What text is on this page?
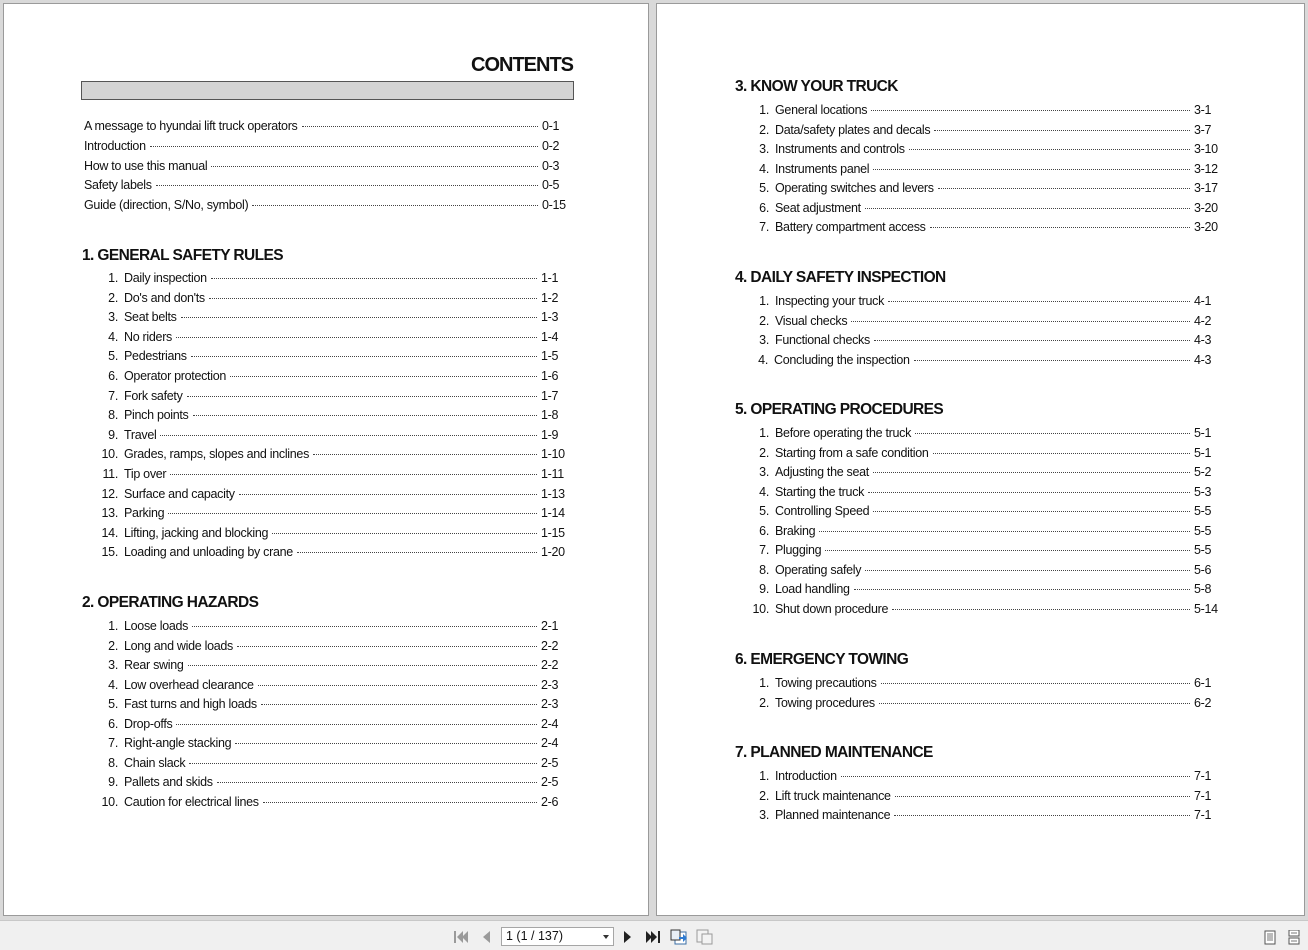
CONTENTS
A message to hyundai lift truck operators	0-1
Introduction	0-2
How to use this manual	0-3
Safety labels	0-5
Guide (direction, S/No, symbol)	0-15
1. GENERAL SAFETY RULES
1. Daily inspection	1-1
2. Do's and don'ts	1-2
3. Seat belts	1-3
4. No riders	1-4
5. Pedestrians	1-5
6. Operator protection	1-6
7. Fork safety	1-7
8. Pinch points	1-8
9. Travel	1-9
10. Grades, ramps, slopes and inclines	1-10
11. Tip over	1-11
12. Surface and capacity	1-13
13. Parking	1-14
14. Lifting, jacking and blocking	1-15
15. Loading and unloading by crane	1-20
2. OPERATING HAZARDS
1. Loose loads	2-1
2. Long and wide loads	2-2
3. Rear swing	2-2
4. Low overhead clearance	2-3
5. Fast turns and high loads	2-3
6. Drop-offs	2-4
7. Right-angle stacking	2-4
8. Chain slack	2-5
9. Pallets and skids	2-5
10. Caution for electrical lines	2-6
3. KNOW YOUR TRUCK
1. General locations	3-1
2. Data/safety plates and decals	3-7
3. Instruments and controls	3-10
4. Instruments panel	3-12
5. Operating switches and levers	3-17
6. Seat adjustment	3-20
7. Battery compartment access	3-20
4. DAILY SAFETY INSPECTION
1. Inspecting your truck	4-1
2. Visual checks	4-2
3. Functional checks	4-3
4. Concluding the inspection	4-3
5. OPERATING PROCEDURES
1. Before operating the truck	5-1
2. Starting from a safe condition	5-1
3. Adjusting the seat	5-2
4. Starting the truck	5-3
5. Controlling Speed	5-5
6. Braking	5-5
7. Plugging	5-5
8. Operating safely	5-6
9. Load handling	5-8
10. Shut down procedure	5-14
6. EMERGENCY TOWING
1. Towing precautions	6-1
2. Towing procedures	6-2
7. PLANNED MAINTENANCE
1. Introduction	7-1
2. Lift truck maintenance	7-1
3. Planned maintenance	7-1
1 (1 / 137)
